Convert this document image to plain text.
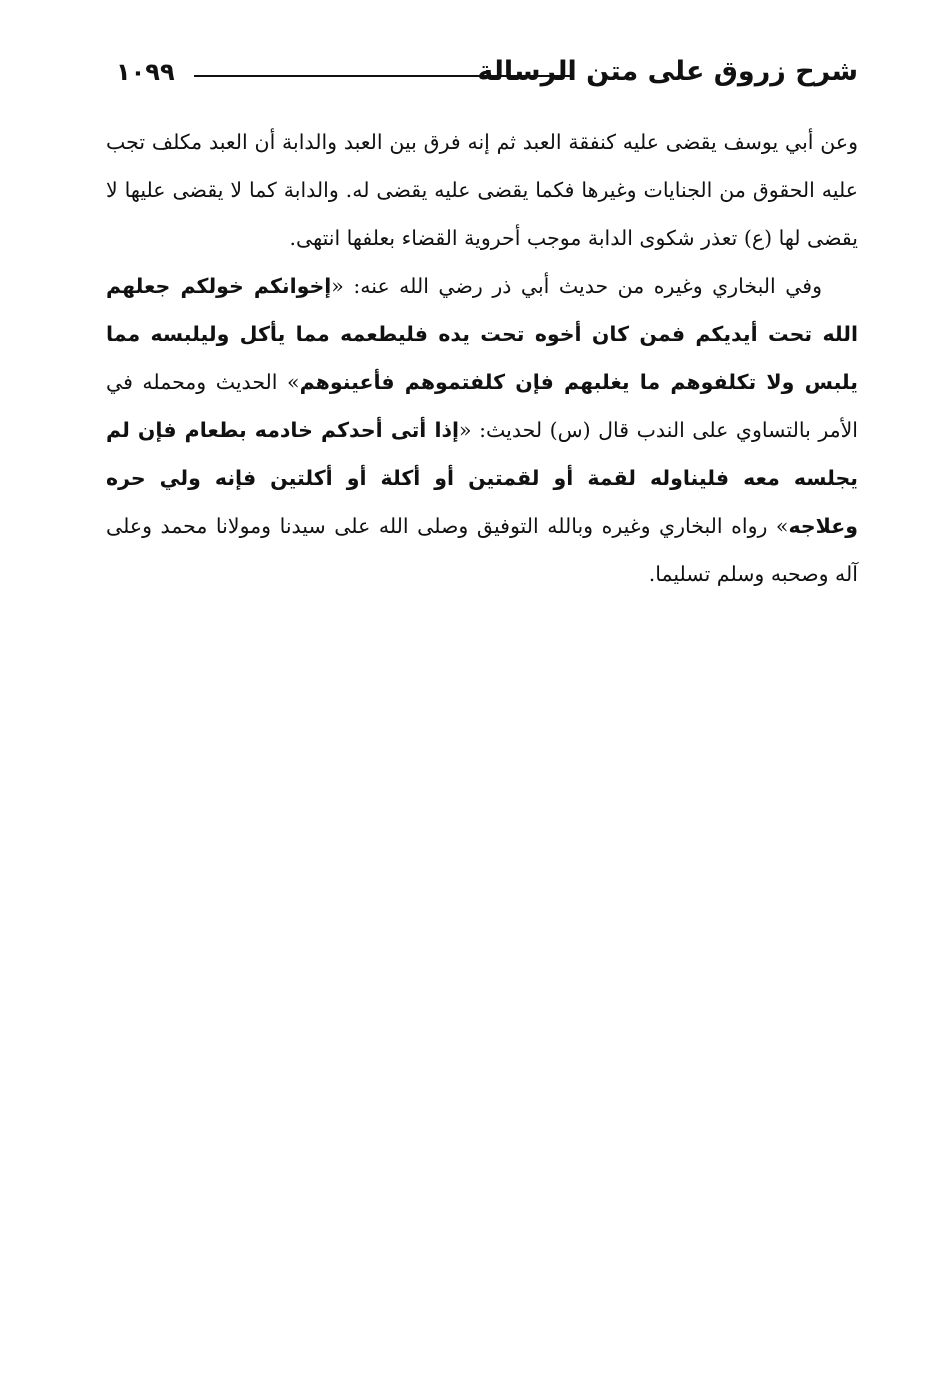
شرح زروق على متن الرسالة
١٠٩٩

وعن أبي يوسف يقضى عليه كنفقة العبد ثم إنه فرق بين العبد والدابة أن العبد مكلف تجب عليه الحقوق من الجنايات وغيرها فكما يقضى عليه يقضى له. والدابة كما لا يقضى عليها لا يقضى لها (ع) تعذر شكوى الدابة موجب أحروية القضاء بعلفها انتهى.

وفي البخاري وغيره من حديث أبي ذر رضي الله عنه: «إخوانكم خولكم جعلهم الله تحت أيديكم فمن كان أخوه تحت يده فليطعمه مما يأكل وليلبسه مما يلبس ولا تكلفوهم ما يغلبهم فإن كلفتموهم فأعينوهم» الحديث ومحمله في الأمر بالتساوي على الندب قال (س) لحديث: «إذا أتى أحدكم خادمه بطعام فإن لم يجلسه معه فليناوله لقمة أو لقمتين أو أكلة أو أكلتين فإنه ولي حره وعلاجه» رواه البخاري وغيره وبالله التوفيق وصلى الله على سيدنا ومولانا محمد وعلى آله وصحبه وسلم تسليما.
